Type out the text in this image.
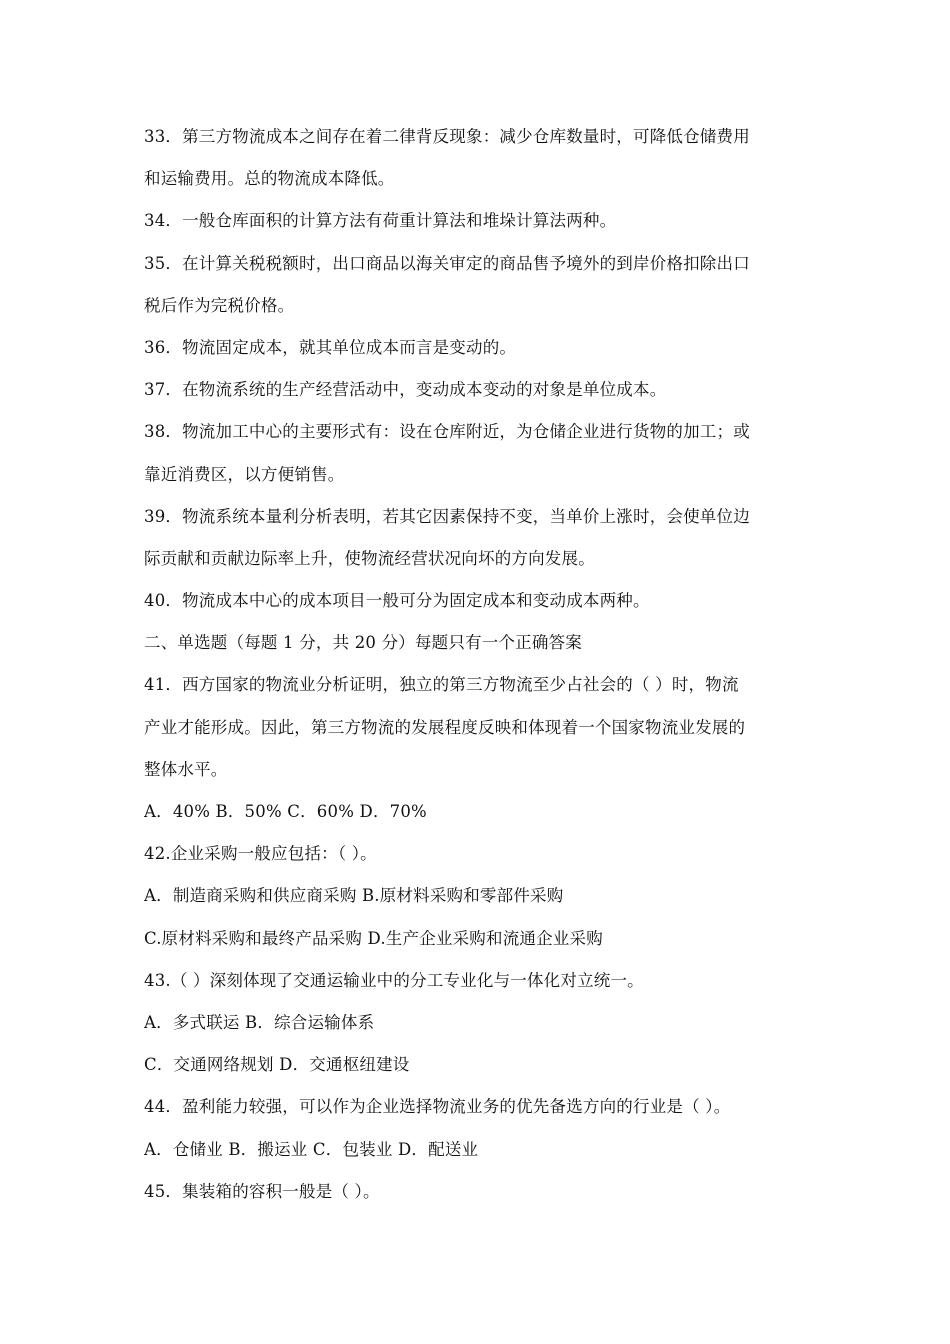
33．第三方物流成本之间存在着二律背反现象：减少仓库数量时，可降低仓储费用
和运输费用。总的物流成本降低。
34．一般仓库面积的计算方法有荷重计算法和堆垛计算法两种。
35．在计算关税税额时，出口商品以海关审定的商品售予境外的到岸价格扣除出口
税后作为完税价格。
36．物流固定成本，就其单位成本而言是变动的。
37．在物流系统的生产经营活动中，变动成本变动的对象是单位成本。
38．物流加工中心的主要形式有：设在仓库附近，为仓储企业进行货物的加工；或
靠近消费区，以方便销售。
39．物流系统本量利分析表明，若其它因素保持不变，当单价上涨时，会使单位边
际贡献和贡献边际率上升，使物流经营状况向坏的方向发展。
40．物流成本中心的成本项目一般可分为固定成本和变动成本两种。
二、单选题（每题 1 分，共 20 分）每题只有一个正确答案
41．西方国家的物流业分析证明，独立的第三方物流至少占社会的（ ）时，物流
产业才能形成。因此，第三方物流的发展程度反映和体现着一个国家物流业发展的
整体水平。
A．40% B．50% C．60% D．70%
42.企业采购一般应包括：（ ）。
A．制造商采购和供应商采购 B.原材料采购和零部件采购
C.原材料采购和最终产品采购 D.生产企业采购和流通企业采购
43.（ ）深刻体现了交通运输业中的分工专业化与一体化对立统一。
A．多式联运 B．综合运输体系
C．交通网络规划 D．交通枢纽建设
44．盈利能力较强，可以作为企业选择物流业务的优先备选方向的行业是（ ）。
A．仓储业 B．搬运业 C．包装业 D．配送业
45．集装箱的容积一般是（ ）。
